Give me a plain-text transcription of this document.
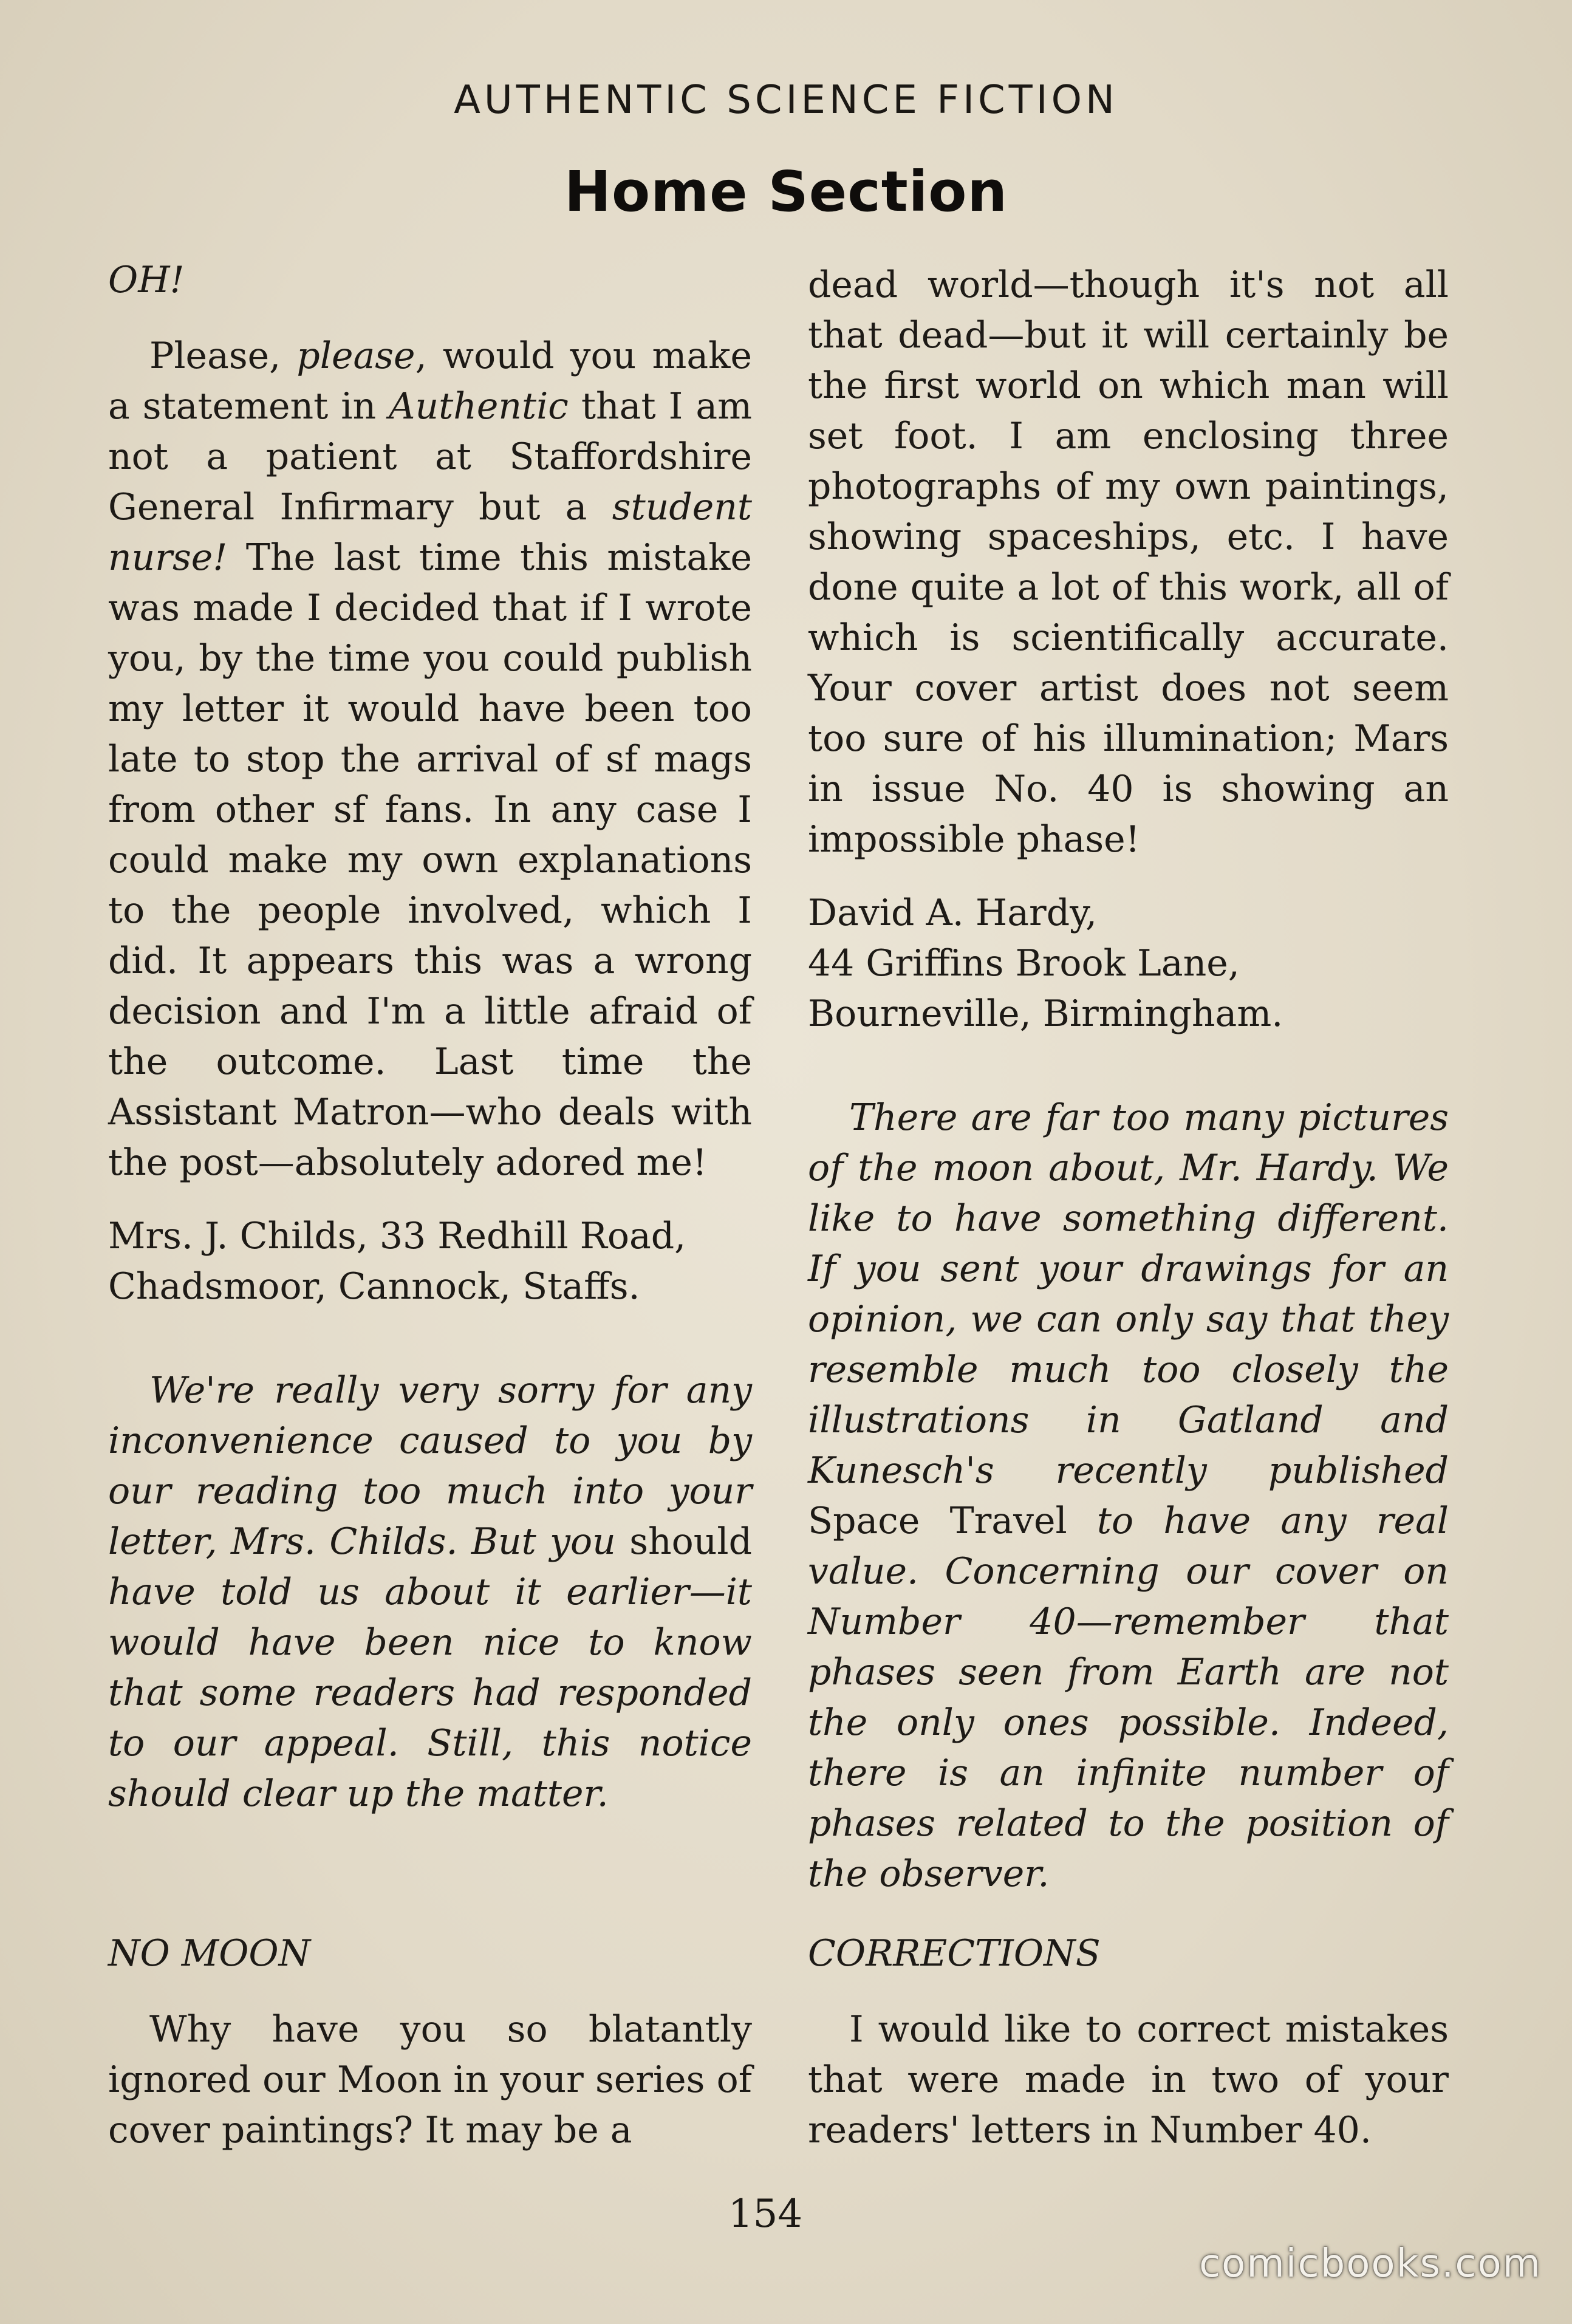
AUTHENTIC SCIENCE FICTION
Home Section

OH!

Please, please, would you make a statement in Authentic that I am not a patient at Staffordshire General Infirmary but a student nurse! The last time this mistake was made I decided that if I wrote you, by the time you could publish my letter it would have been too late to stop the arrival of sf mags from other sf fans. In any case I could make my own explanations to the people involved, which I did. It appears this was a wrong decision and I'm a little afraid of the outcome. Last time the Assistant Matron—who deals with the post—absolutely adored me!

Mrs. J. Childs, 33 Redhill Road,

Chadsmoor, Cannock, Staffs.

We're really very sorry for any inconvenience caused to you by our reading too much into your letter, Mrs. Childs. But you should have told us about it earlier—it would have been nice to know that some readers had responded to our appeal. Still, this notice should clear up the matter.

dead world—though it's not all that dead—but it will certainly be the first world on which man will set foot. I am enclosing three photographs of my own paintings, showing spaceships, etc. I have done quite a lot of this work, all of which is scientifically accurate. Your cover artist does not seem too sure of his illumination; Mars in issue No. 40 is showing an impossible phase!

David A. Hardy,

44 Griffins Brook Lane,

Bourneville, Birmingham.

There are far too many pictures of the moon about, Mr. Hardy. We like to have something different. If you sent your drawings for an opinion, we can only say that they resemble much too closely the illustrations in Gatland and Kunesch's recently published Space Travel to have any real value. Concerning our cover on Number 40—remember that phases seen from Earth are not the only ones possible. Indeed, there is an infinite number of phases related to the position of the observer.

NO MOON

Why have you so blatantly ignored our Moon in your series of cover paintings? It may be a

CORRECTIONS

I would like to correct mistakes that were made in two of your readers' letters in Number 40.

154
comicbooks.com
